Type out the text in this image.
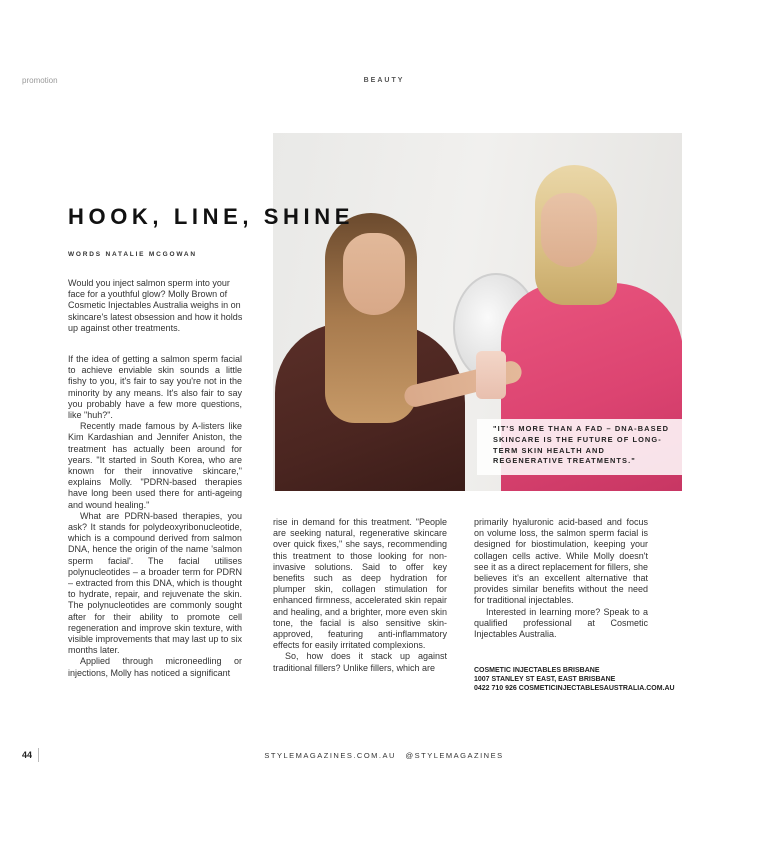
promotion	BEAUTY

"IT'S MORE THAN A FAD – DNA-BASED SKINCARE IS THE FUTURE OF LONG-TERM SKIN HEALTH AND REGENERATIVE TREATMENTS."

HOOK, LINE, SHINE
WORDS NATALIE MCGOWAN

Would you inject salmon sperm into your face for a youthful glow? Molly Brown of Cosmetic Injectables Australia weighs in on skincare's latest obsession and how it holds up against other treatments.

If the idea of getting a salmon sperm facial to achieve enviable skin sounds a little fishy to you, it's fair to say you're not in the minority by any means. It's also fair to say you probably have a few more questions, like "huh?".

Recently made famous by A-listers like Kim Kardashian and Jennifer Aniston, the treatment has actually been around for years. "It started in South Korea, who are known for their innovative skincare," explains Molly. "PDRN-based therapies have long been used there for anti-ageing and wound healing."

What are PDRN-based therapies, you ask? It stands for polydeoxyribonucleotide, which is a compound derived from salmon DNA, hence the origin of the name 'salmon sperm facial'. The facial utilises polynucleotides – a broader term for PDRN – extracted from this DNA, which is thought to hydrate, repair, and rejuvenate the skin. The polynucleotides are commonly sought after for their ability to promote cell regeneration and improve skin texture, with visible improvements that may last up to six months later.

Applied through microneedling or injections, Molly has noticed a significant

rise in demand for this treatment. "People are seeking natural, regenerative skincare over quick fixes," she says, recommending this treatment to those looking for non-invasive solutions. Said to offer key benefits such as deep hydration for plumper skin, collagen stimulation for enhanced firmness, accelerated skin repair and healing, and a brighter, more even skin tone, the facial is also sensitive skin-approved, featuring anti-inflammatory effects for easily irritated complexions.

So, how does it stack up against traditional fillers? Unlike fillers, which are

primarily hyaluronic acid-based and focus on volume loss, the salmon sperm facial is designed for biostimulation, keeping your collagen cells active. While Molly doesn't see it as a direct replacement for fillers, she believes it's an excellent alternative that provides similar benefits without the need for traditional injectables.

Interested in learning more? Speak to a qualified professional at Cosmetic Injectables Australia.

COSMETIC INJECTABLES BRISBANE
1007 STANLEY ST EAST, EAST BRISBANE
0422 710 926 COSMETICINJECTABLESAUSTRALIA.COM.AU
44	STYLEMAGAZINES.COM.AU @STYLEMAGAZINES
